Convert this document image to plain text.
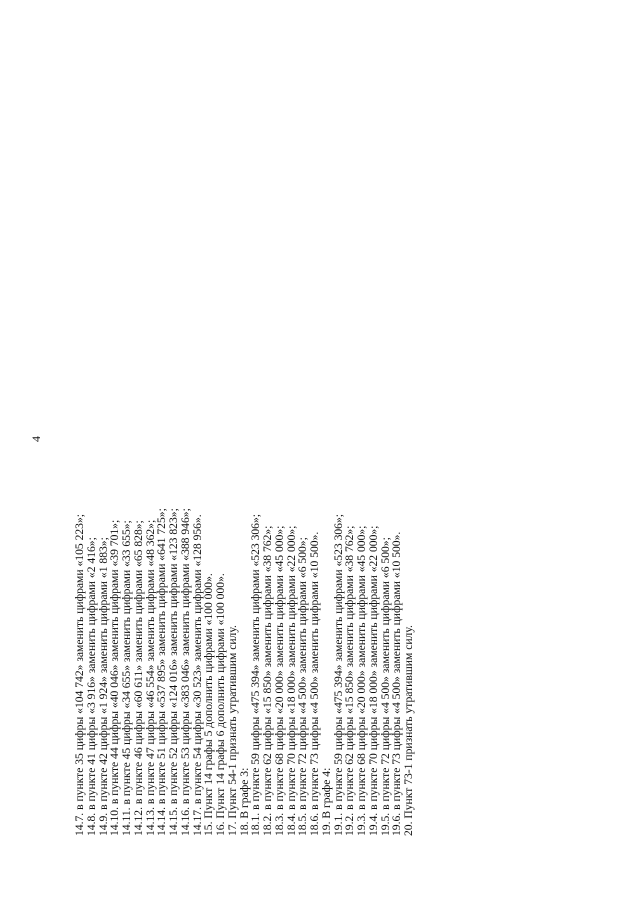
4
14.7. в пункте 35 цифры «104 742» заменить цифрами «105 223»;
14.8. в пункте 41 цифры «3 916» заменить цифрами «2 416»;
14.9. в пункте 42 цифры «1 924» заменить цифрами «1 883»;
14.10. в пункте 44 цифры «40 046» заменить цифрами «39 701»;
14.11. в пункте 45 цифры «34 655» заменить цифрами «33 655»;
14.12. в пункте 46 цифры «60 611» заменить цифрами «65 828»;
14.13. в пункте 47 цифры «46 554» заменить цифрами «48 362»;
14.14. в пункте 51 цифры «537 895» заменить цифрами «641 725»;
14.15. в пункте 52 цифры «124 016» заменить цифрами «123 823»;
14.16. в пункте 53 цифры «383 046» заменить цифрами «388 946»;
14.17. в пункте 54 цифры «30 523» заменить цифрами «128 956».
15. Пункт 14 графы 5 дополнить цифрами «100 000».
16. Пункт 14 графы 6 дополнить цифрами «100 000».
17. Пункт 54-1 признать утратившим силу.
18. В графе 3:
18.1. в пункте 59 цифры «475 394» заменить цифрами «523 306»;
18.2. в пункте 62 цифры «15 850» заменить цифрами «38 762»;
18.3. в пункте 68 цифры «20 000» заменить цифрами «45 000»;
18.4. в пункте 70 цифры «18 000» заменить цифрами «22 000»;
18.5. в пункте 72 цифры «4 500» заменить цифрами «6 500»;
18.6. в пункте 73 цифры «4 500» заменить цифрами «10 500».
19. В графе 4:
19.1. в пункте 59 цифры «475 394» заменить цифрами «523 306»;
19.2. в пункте 62 цифры «15 850» заменить цифрами «38 762»;
19.3. в пункте 68 цифры «20 000» заменить цифрами «45 000»;
19.4. в пункте 70 цифры «18 000» заменить цифрами «22 000»;
19.5. в пункте 72 цифры «4 500» заменить цифрами «6 500»;
19.6. в пункте 73 цифры «4 500» заменить цифрами «10 500».
20. Пункт 73-1 признать утратившим силу.
